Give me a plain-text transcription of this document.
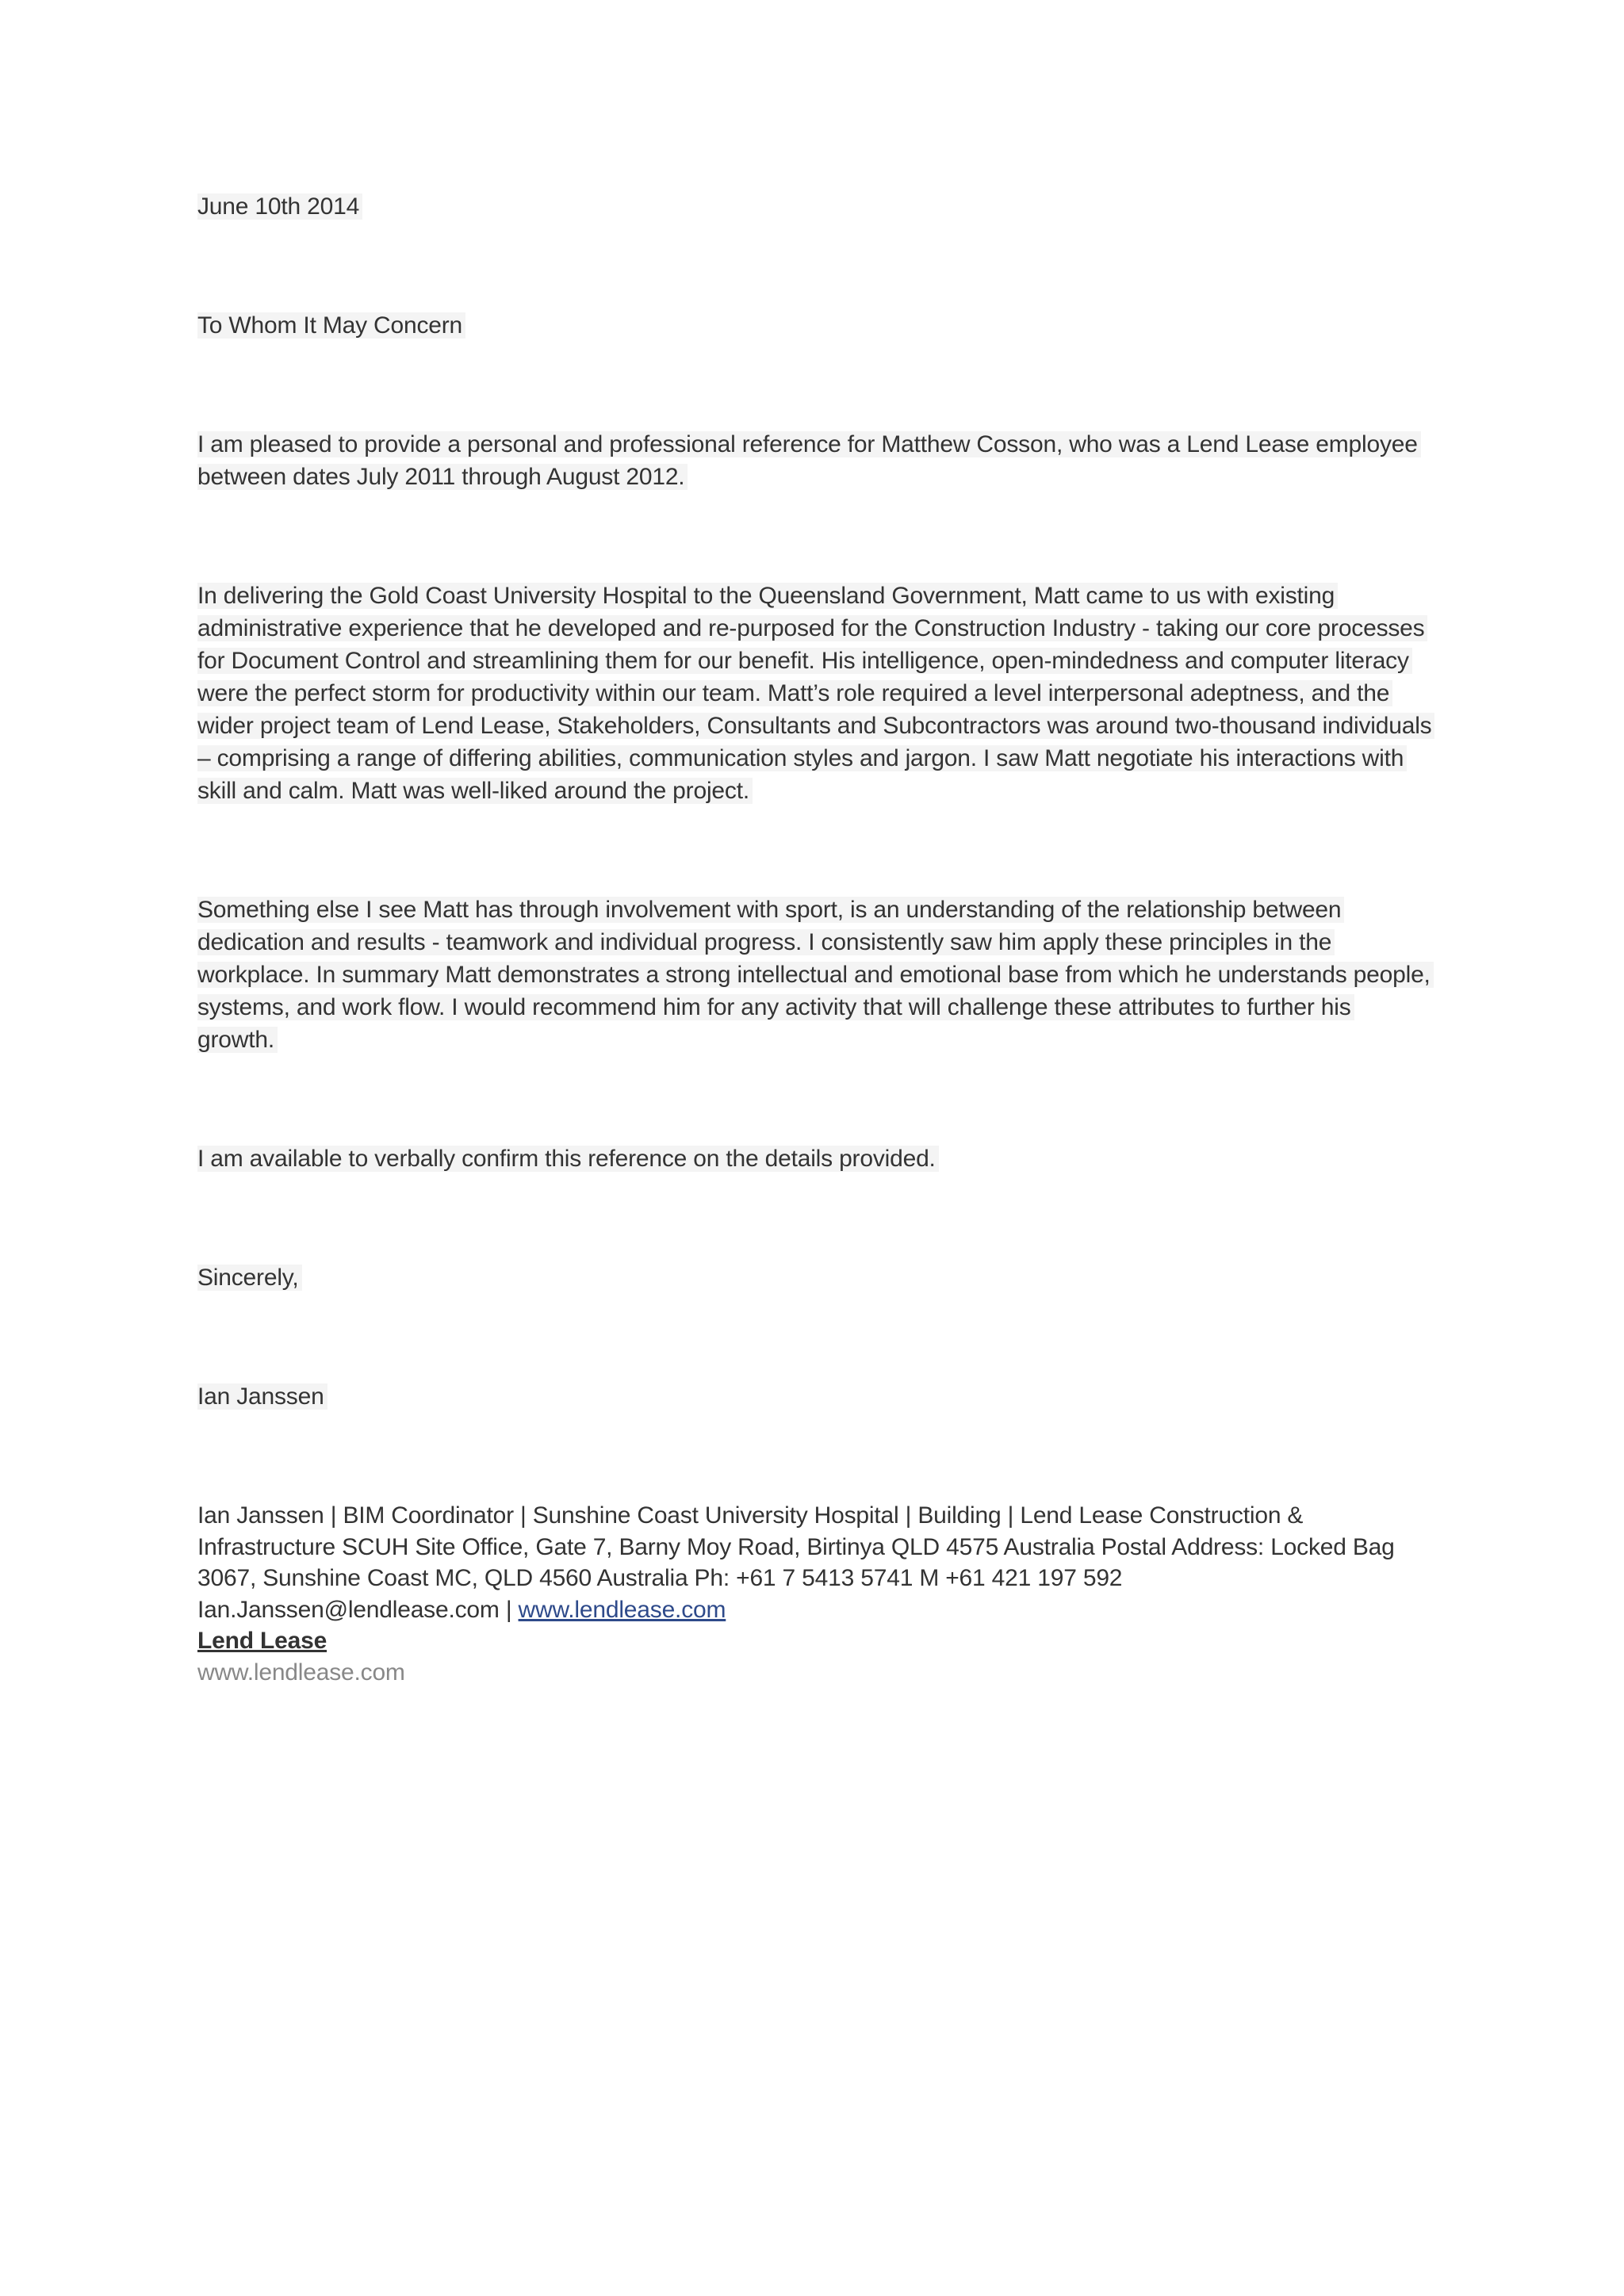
June 10th 2014

To Whom It May Concern

I am pleased to provide a personal and professional reference for Matthew Cosson, who was a Lend Lease employee between dates July 2011 through August 2012.

In delivering the Gold Coast University Hospital to the Queensland Government, Matt came to us with existing administrative experience that he developed and re-purposed for the Construction Industry - taking our core processes for Document Control and streamlining them for our benefit. His intelligence, open-mindedness and computer literacy were the perfect storm for productivity within our team. Matt’s role required a level interpersonal adeptness, and the wider project team of Lend Lease, Stakeholders, Consultants and Subcontractors was around two-thousand individuals – comprising a range of differing abilities, communication styles and jargon. I saw Matt negotiate his interactions with skill and calm. Matt was well-liked around the project.

Something else I see Matt has through involvement with sport, is an understanding of the relationship between dedication and results - teamwork and individual progress. I consistently saw him apply these principles in the workplace. In summary Matt demonstrates a strong intellectual and emotional base from which he understands people, systems, and work flow. I would recommend him for any activity that will challenge these attributes to further his growth.

I am available to verbally confirm this reference on the details provided.

Sincerely,

Ian Janssen

Ian Janssen | BIM Coordinator | Sunshine Coast University Hospital | Building | Lend Lease Construction & Infrastructure SCUH Site Office, Gate 7, Barny Moy Road, Birtinya QLD 4575 Australia Postal Address: Locked Bag 3067, Sunshine Coast MC, QLD 4560 Australia Ph: +61 7 5413 5741 M +61 421 197 592
Ian.Janssen@lendlease.com | www.lendlease.com
Lend Lease
www.lendlease.com
